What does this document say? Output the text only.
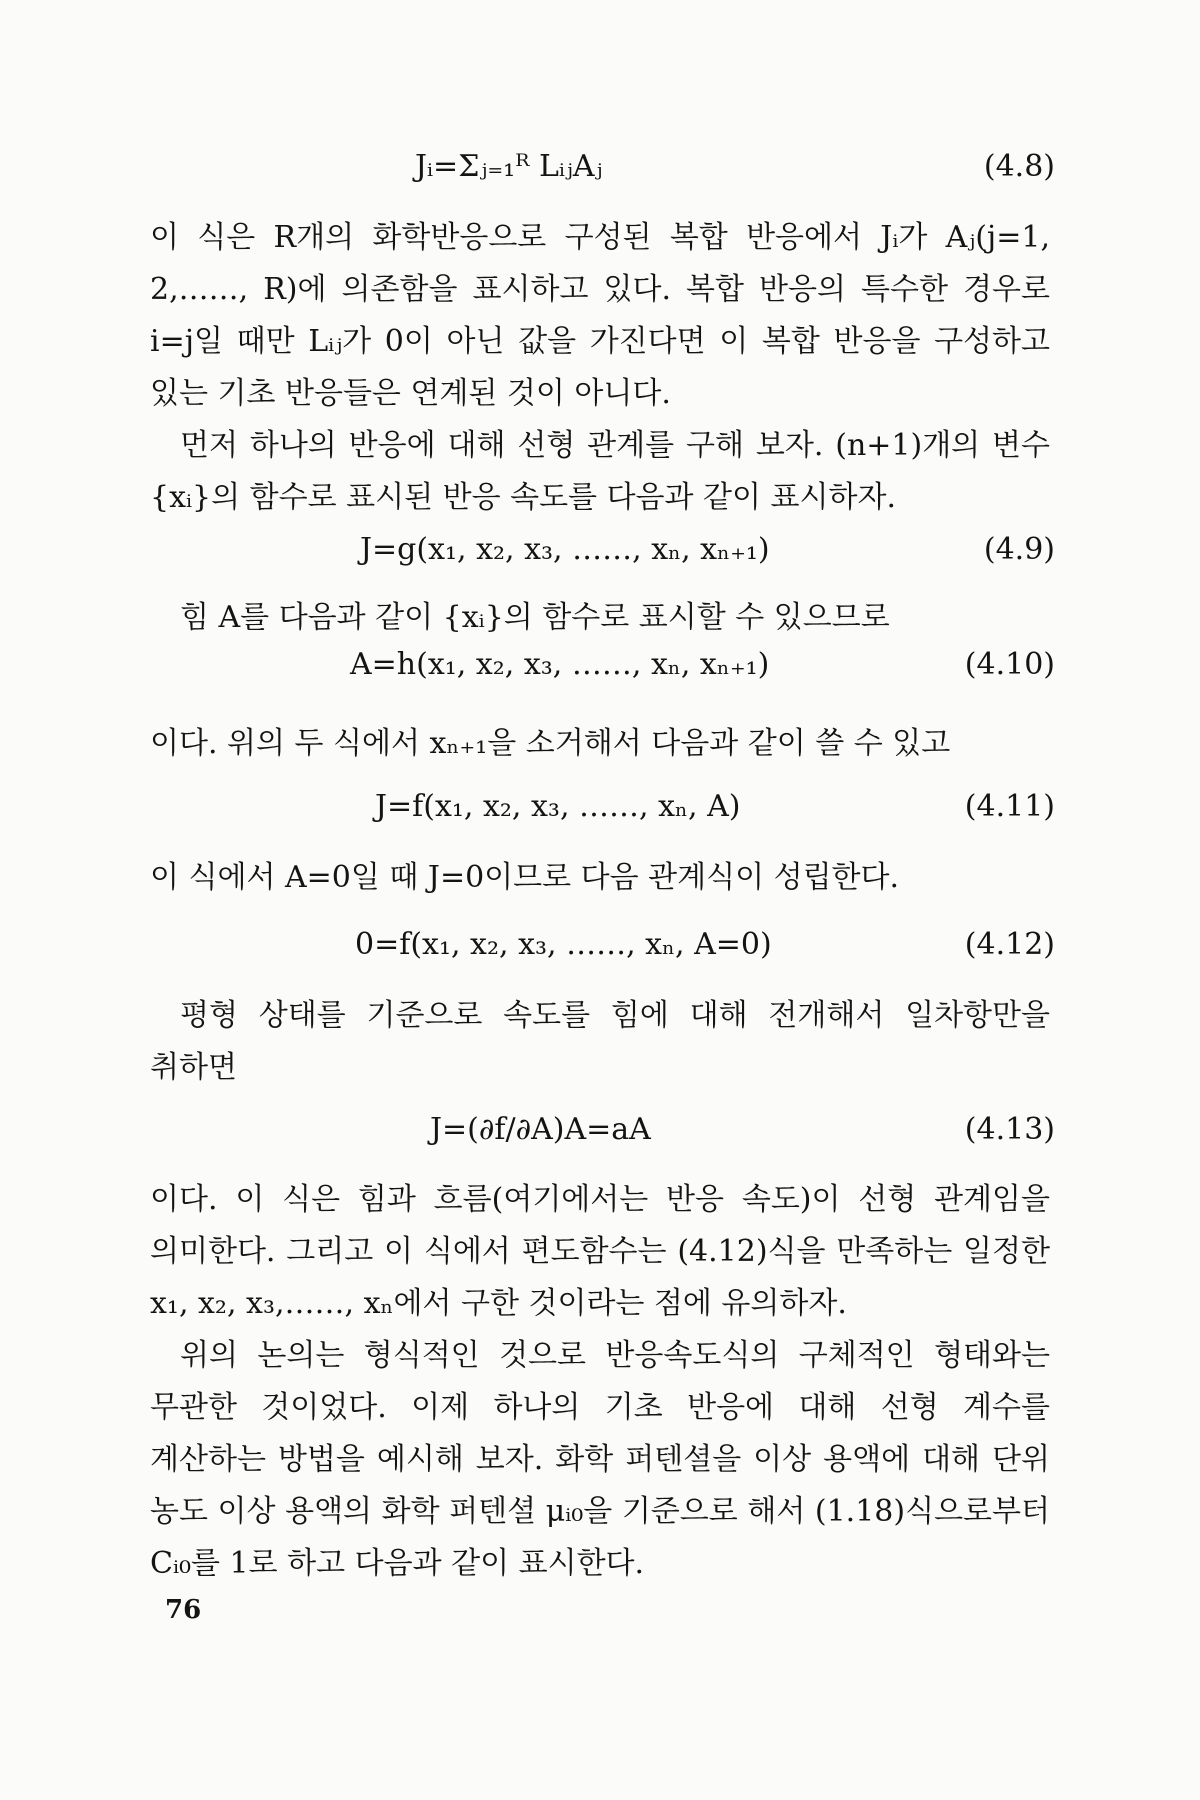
Jᵢ=Σⱼ₌₁ᴿ LᵢⱼAⱼ	(4.8)

이 식은 R개의 화학반응으로 구성된 복합 반응에서 Jᵢ가 Aⱼ(j=1, 2,……, R)에 의존함을 표시하고 있다. 복합 반응의 특수한 경우로 i=j일 때만 Lᵢⱼ가 0이 아닌 값을 가진다면 이 복합 반응을 구성하고 있는 기초 반응들은 연계된 것이 아니다.

먼저 하나의 반응에 대해 선형 관계를 구해 보자. (n+1)개의 변수 {xᵢ}의 함수로 표시된 반응 속도를 다음과 같이 표시하자.

J=g(x₁, x₂, x₃, ……, xₙ, xₙ₊₁)	(4.9)

힘 A를 다음과 같이 {xᵢ}의 함수로 표시할 수 있으므로

A=h(x₁, x₂, x₃, ……, xₙ, xₙ₊₁)	(4.10)

이다. 위의 두 식에서 xₙ₊₁을 소거해서 다음과 같이 쓸 수 있고

J=f(x₁, x₂, x₃, ……, xₙ, A)	(4.11)

이 식에서 A=0일 때 J=0이므로 다음 관계식이 성립한다.

0=f(x₁, x₂, x₃, ……, xₙ, A=0)	(4.12)

평형 상태를 기준으로 속도를 힘에 대해 전개해서 일차항만을 취하면

J=(∂f/∂A)A=aA	(4.13)

이다. 이 식은 힘과 흐름(여기에서는 반응 속도)이 선형 관계임을 의미한다. 그리고 이 식에서 편도함수는 (4.12)식을 만족하는 일정한 x₁, x₂, x₃,……, xₙ에서 구한 것이라는 점에 유의하자.

위의 논의는 형식적인 것으로 반응속도식의 구체적인 형태와는 무관한 것이었다. 이제 하나의 기초 반응에 대해 선형 계수를 계산하는 방법을 예시해 보자. 화학 퍼텐셜을 이상 용액에 대해 단위 농도 이상 용액의 화학 퍼텐셜 μᵢ₀을 기준으로 해서 (1.18)식으로부터 Cᵢ₀를 1로 하고 다음과 같이 표시한다.

76
